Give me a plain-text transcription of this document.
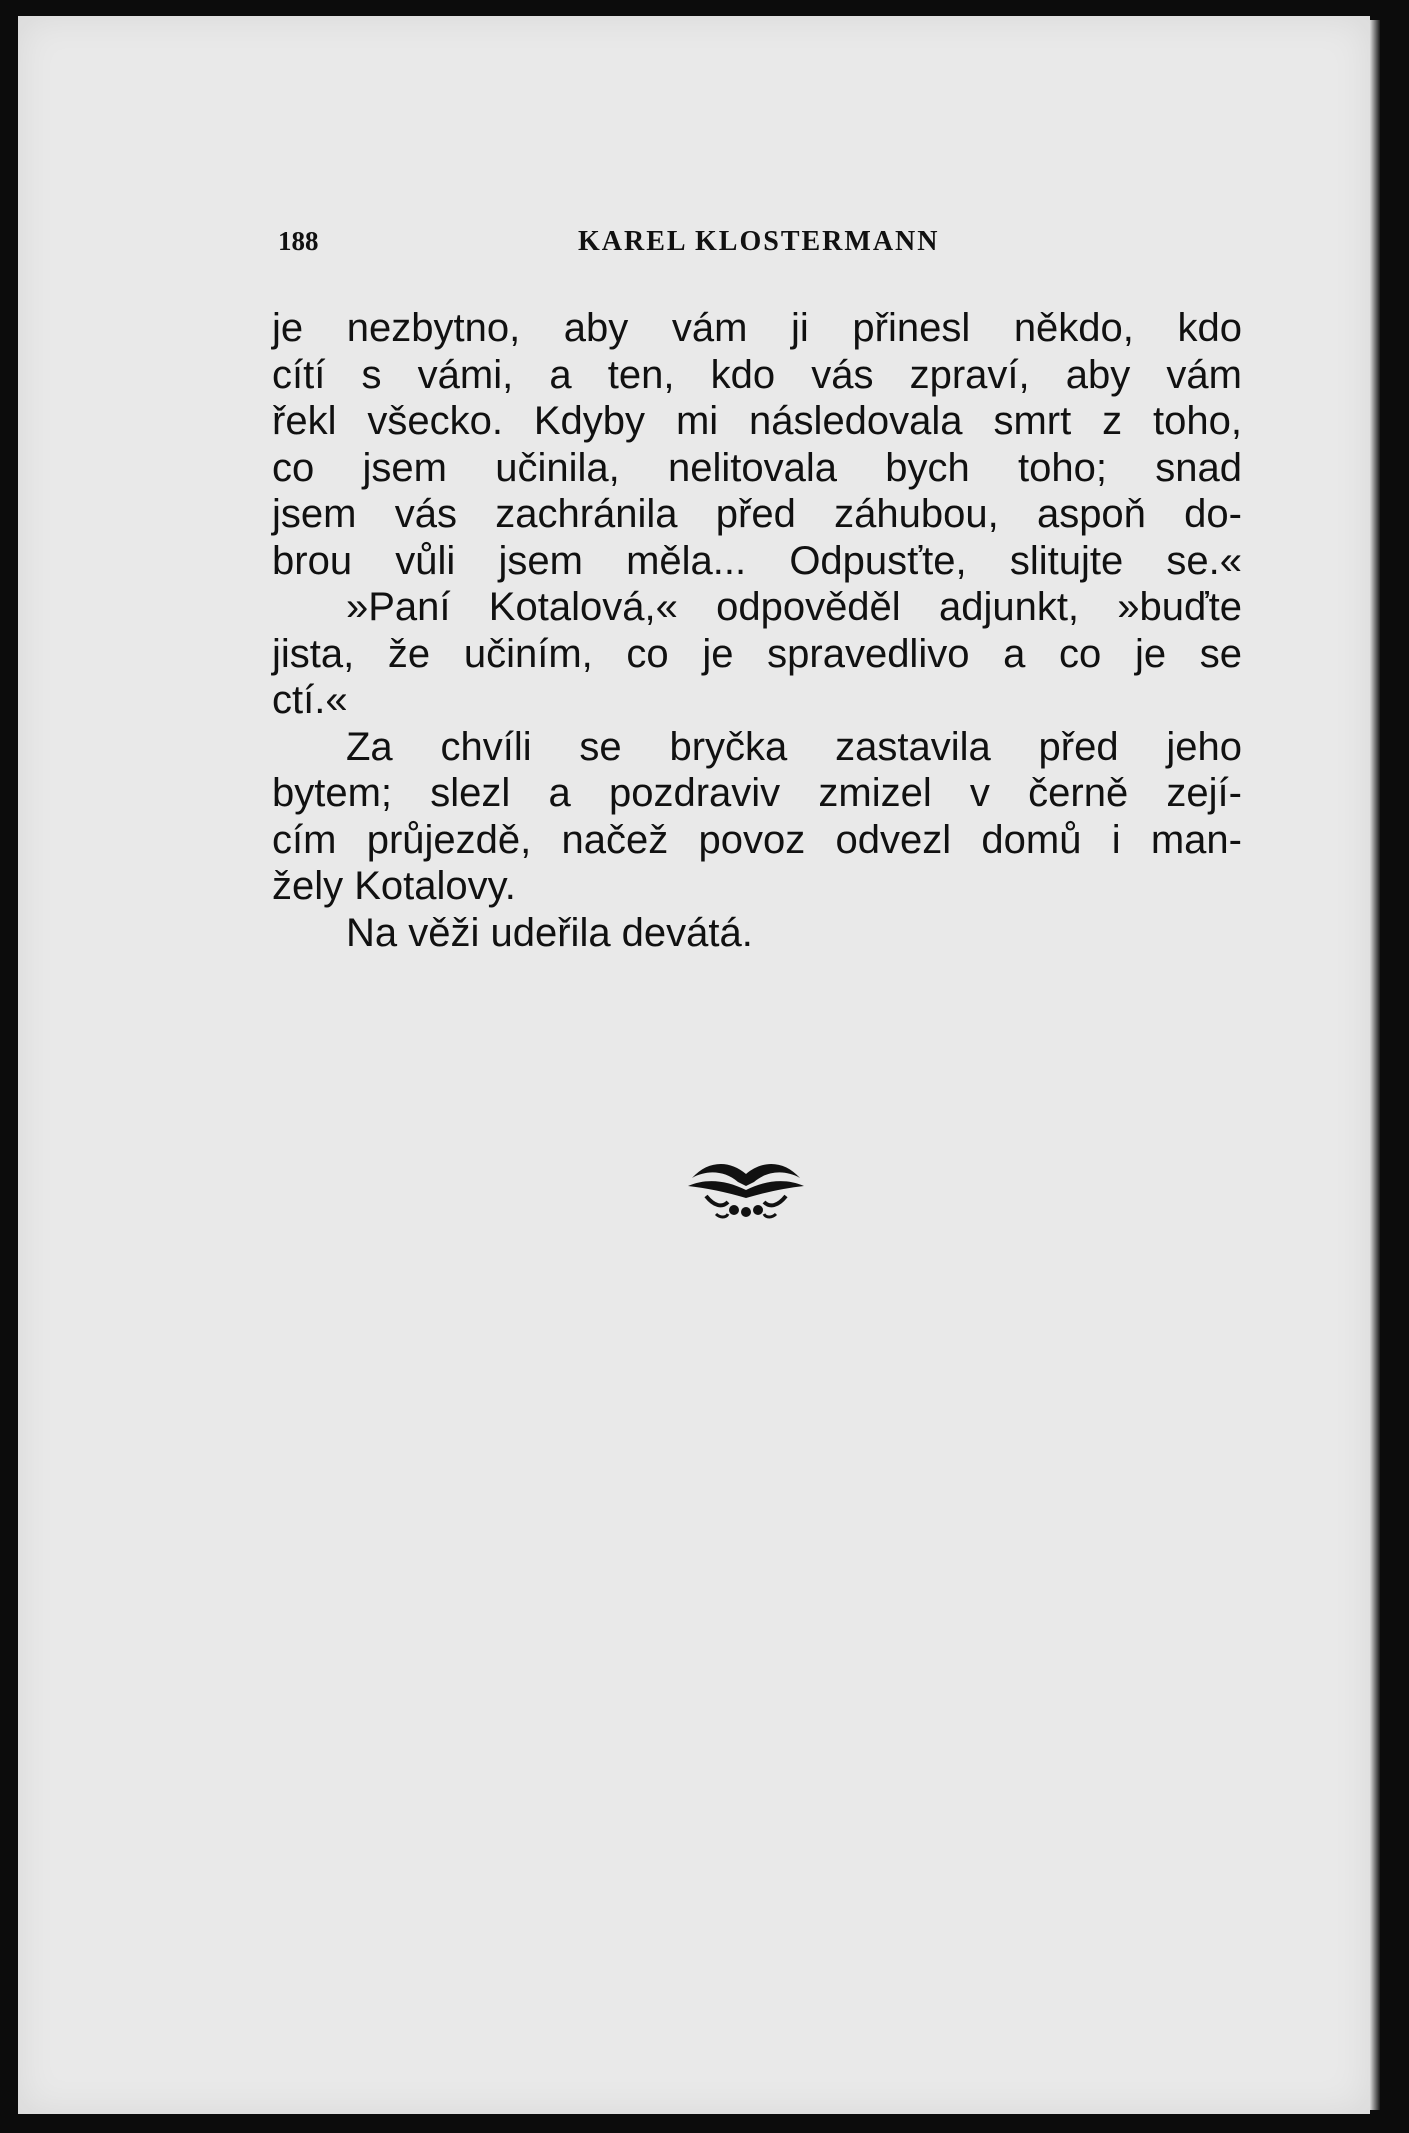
188	KAREL KLOSTERMANN
je nezbytno, aby vám ji přinesl někdo, kdo
cítí s vámi, a ten, kdo vás zpraví, aby vám
řekl všecko. Kdyby mi následovala smrt z toho,
co jsem učinila, nelitovala bych toho; snad
jsem vás zachránila před záhubou, aspoň do-
brou vůli jsem měla... Odpusťte, slitujte se.«
»Paní Kotalová,« odpověděl adjunkt, »buďte
jista, že učiním, co je spravedlivo a co je se
ctí.«
Za chvíli se bryčka zastavila před jeho
bytem; slezl a pozdraviv zmizel v černě zejí-
cím průjezdě, načež povoz odvezl domů i man-
žely Kotalovy.
Na věži udeřila devátá.
